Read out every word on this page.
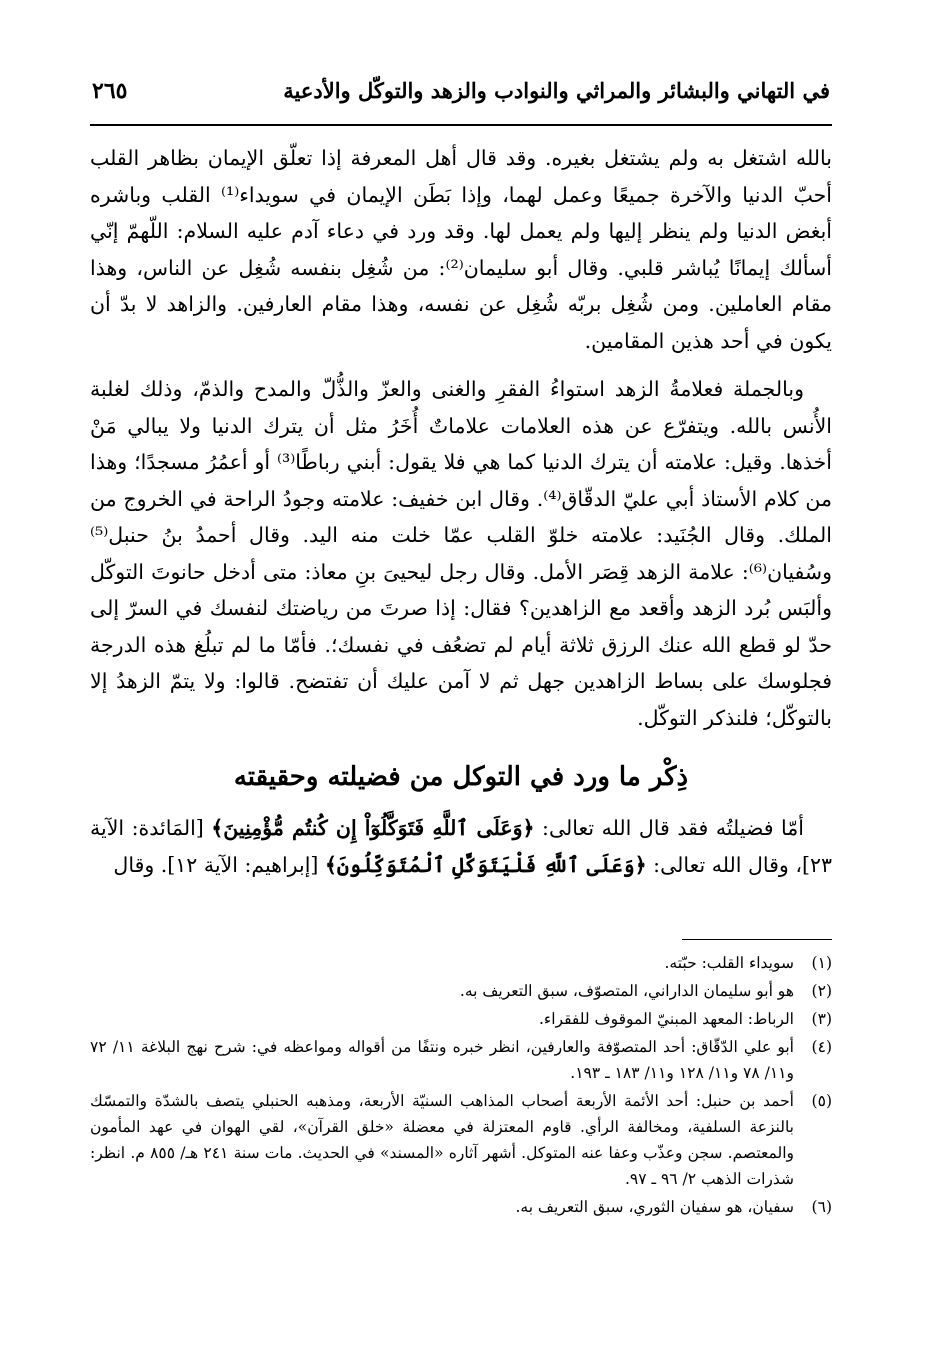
في التهاني والبشائر والمراثي والنوادب والزهد والتوكّل والأدعية
٢٦٥

بالله اشتغل به ولم يشتغل بغيره. وقد قال أهل المعرفة إذا تعلّق الإيمان بظاهر القلب أحبّ الدنيا والآخرة جميعًا وعمل لهما، وإذا بَطَن الإيمان في سويداء⁽¹⁾ القلب وباشره أبغض الدنيا ولم ينظر إليها ولم يعمل لها. وقد ورد في دعاء آدم عليه السلام: اللّهمّ إنّي أسألك إيمانًا يُباشر قلبي. وقال أبو سليمان⁽²⁾: من شُغِل بنفسه شُغِل عن الناس، وهذا مقام العاملين. ومن شُغِل بربّه شُغِل عن نفسه، وهذا مقام العارفين. والزاهد لا بدّ أن يكون في أحد هذين المقامين.

وبالجملة فعلامةُ الزهد استواءُ الفقرِ والغنى والعزّ والذُّلّ والمدح والذمّ، وذلك لغلبة الأُنس بالله. ويتفرّع عن هذه العلامات علاماتٌ أُخَرُ مثل أن يترك الدنيا ولا يبالي مَنْ أخذها. وقيل: علامته أن يترك الدنيا كما هي فلا يقول: أبني رباطًا⁽³⁾ أو أعمُرُ مسجدًا؛ وهذا من كلام الأستاذ أبي عليّ الدقّاق⁽⁴⁾. وقال ابن خفيف: علامته وجودُ الراحة في الخروج من الملك. وقال الجُنَيد: علامته خلوّ القلب عمّا خلت منه اليد. وقال أحمدُ بنُ حنبل⁽⁵⁾ وسُفيان⁽⁶⁾: علامة الزهد قِصَر الأمل. وقال رجل ليحيىَ بنِ معاذ: متى أدخل حانوتَ التوكّل وألبَس بُرد الزهد وأقعد مع الزاهدين؟ فقال: إذا صرتَ من رياضتك لنفسك في السرّ إلى حدّ لو قطع الله عنك الرزق ثلاثة أيام لم تضعُف في نفسك؛. فأمّا ما لم تبلُغ هذه الدرجة فجلوسك على بساط الزاهدين جهل ثم لا آمن عليك أن تفتضح. قالوا: ولا يتمّ الزهدُ إلا بالتوكّل؛ فلنذكر التوكّل.

ذِكْر ما ورد في التوكل من فضيلته وحقيقته

أمّا فضيلتُه فقد قال الله تعالى: ﴿وَعَلَى ٱللَّهِ فَتَوَكَّلُوٓاْ إِن كُنتُم مُّؤْمِنِينَ﴾ [المَائدة: الآية ٢٣]، وقال الله تعالى: ﴿وَعَلَى ٱللَّهِ فَلْيَتَوَكَّلِ ٱلْمُتَوَكِّلُونَ﴾ [إبراهيم: الآية ١٢]. وقال

(١)
سويداء القلب: حبّته.
(٢)
هو أبو سليمان الداراني، المتصوّف، سبق التعريف به.
(٣)
الرباط: المعهد المبنيّ الموقوف للفقراء.
(٤)
أبو علي الدّقّاق: أحد المتصوّفة والعارفين، انظر خبره ونتفًا من أقواله ومواعظه في: شرح نهج البلاغة ١١/ ٧٢ و١١/ ٧٨ و١١/ ١٢٨ و١١/ ١٨٣ ـ ١٩٣.
(٥)
أحمد بن حنبل: أحد الأئمة الأربعة أصحاب المذاهب السنيّة الأربعة، ومذهبه الحنبلي يتصف بالشدّة والتمسّك بالنزعة السلفية، ومخالفة الرأي. قاوم المعتزلة في معضلة «خلق القرآن»، لقي الهوان في عهد المأمون والمعتصم. سجن وعذّب وعفا عنه المتوكل. أشهر آثاره «المسند» في الحديث. مات سنة ٢٤١ هـ/ ٨٥٥ م. انظر: شذرات الذهب ٢/ ٩٦ ـ ٩٧.
(٦)
سفيان، هو سفيان الثوري، سبق التعريف به.
